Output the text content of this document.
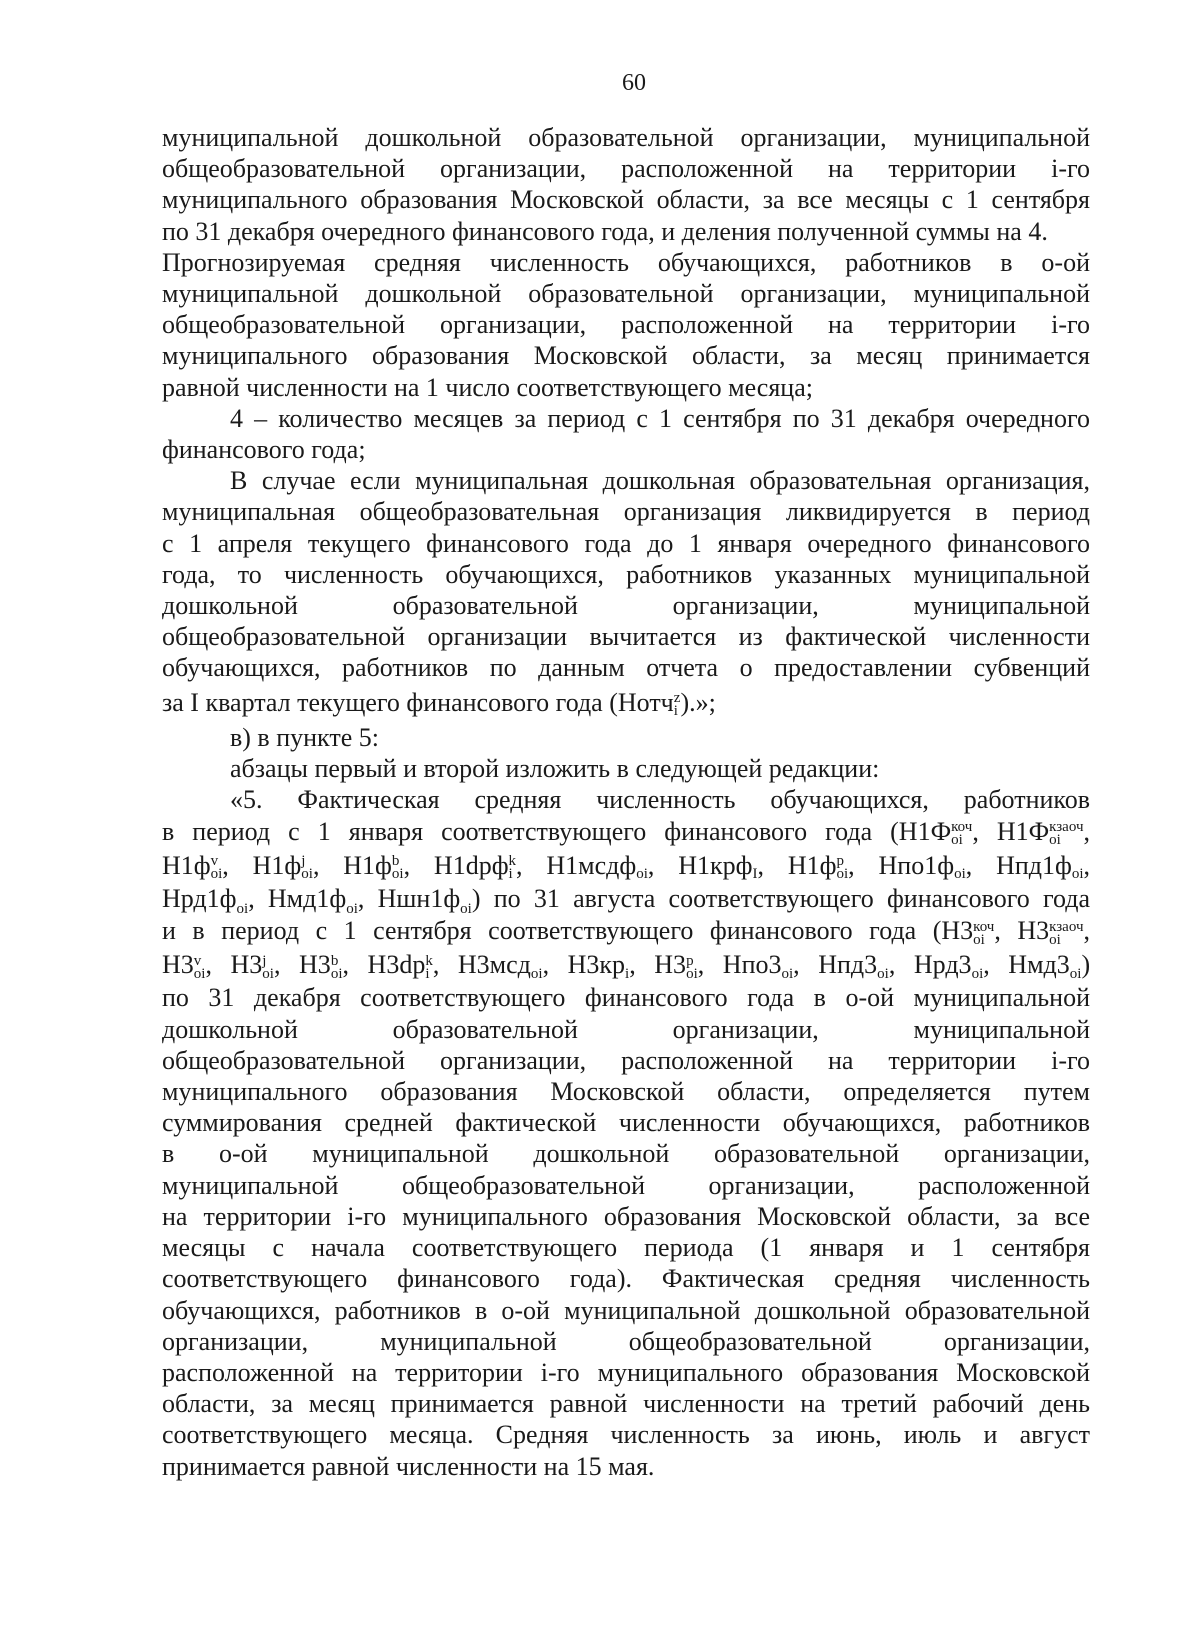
60
муниципальной дошкольной образовательной организации, муниципальной
общеобразовательной организации, расположенной на территории i-го
муниципального образования Московской области, за все месяцы с 1 сентября
по 31 декабря очередного финансового года, и деления полученной суммы на 4.
Прогнозируемая средняя численность обучающихся, работников в о-ой
муниципальной дошкольной образовательной организации, муниципальной
общеобразовательной организации, расположенной на территории i-го
муниципального образования Московской области, за месяц принимается
равной численности на 1 число соответствующего месяца;
4 – количество месяцев за период с 1 сентября по 31 декабря очередного
финансового года;
В случае если муниципальная дошкольная образовательная организация,
муниципальная общеобразовательная организация ликвидируется в период
с 1 апреля текущего финансового года до 1 января очередного финансового
года, то численность обучающихся, работников указанных муниципальной
дошкольной образовательной организации, муниципальной
общеобразовательной организации вычитается из фактической численности
обучающихся, работников по данным отчета о предоставлении субвенций
за I квартал текущего финансового года (Нотч z
i ).»;
в) в пункте 5:
абзацы первый и второй изложить в следующей редакции:
«5. Фактическая средняя численность обучающихся, работников
в период с 1 января соответствующего финансового года (Н1Ф коч
oi , Н1Ф кзаоч
oi ,
Н1ф v
oi , Н1ф j
oi , Н1ф b
oi , Н1dрф k
i , Н1мсдф oi , Н1крф I , Н1ф p
oi , Нпо1ф oi , Нпд1ф oi ,
$Нрд1ф_{oi}$, $Нмд1ф_{oi}$, $Ншн1ф_{oi}$) по 31 августа соответствующего финансового года
и в период с 1 сентября соответствующего финансового года (Н3 коч
oi , Н3 кзаоч
oi ,
Н3 v
oi , Н3 j
oi , Н3 b
oi , Н3dр k
i , Н3мсд oi , Н3кр i , Н3 p
oi , Нпо3 oi , Нпд3 oi , Нрд3 oi , Нмд3 oi )
по 31 декабря соответствующего финансового года в о-ой муниципальной
дошкольной образовательной организации, муниципальной
общеобразовательной организации, расположенной на территории i-го
муниципального образования Московской области, определяется путем
суммирования средней фактической численности обучающихся, работников
в о-ой муниципальной дошкольной образовательной организации,
муниципальной общеобразовательной организации, расположенной
на территории i-го муниципального образования Московской области, за все
месяцы с начала соответствующего периода (1 января и 1 сентября
соответствующего финансового года). Фактическая средняя численность
обучающихся, работников в о-ой муниципальной дошкольной образовательной
организации, муниципальной общеобразовательной организации,
расположенной на территории i-го муниципального образования Московской
области, за месяц принимается равной численности на третий рабочий день
соответствующего месяца. Средняя численность за июнь, июль и август
принимается равной численности на 15 мая.
